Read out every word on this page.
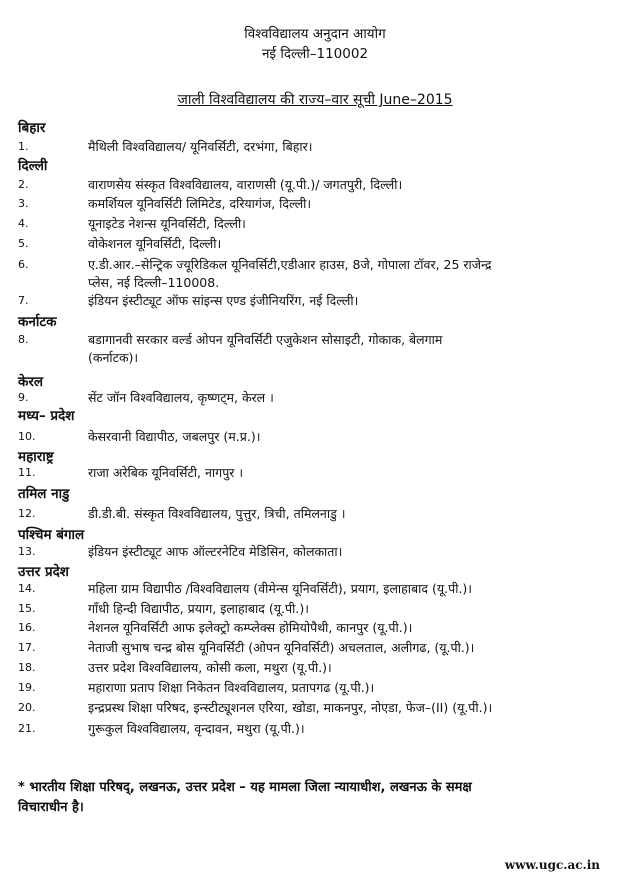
विश्वविद्यालय अनुदान आयोग
नई दिल्ली–110002
जाली विश्वविद्यालय की राज्य–वार सूची June–2015
बिहार
1.	मैथिली विश्वविद्यालय/ यूनिवर्सिटी, दरभंगा, बिहार।
दिल्ली
2.	वाराणसेय संस्कृत विश्वविद्यालय, वाराणसी (यू.पी.)/ जगतपुरी, दिल्ली।
3.	कमर्शियल यूनिवर्सिटी लिमिटेड, दरियागंज, दिल्ली।
4.	यूनाइटेड नेशन्स यूनिवर्सिटी, दिल्ली।
5.	वोकेशनल यूनिवर्सिटी, दिल्ली।
6.	ए.डी.आर.–सेन्ट्रिक ज्यूरिडिकल यूनिवर्सिटी,एडीआर हाउस, 8जे, गोपाला टॉवर, 25 राजेन्द्र
प्लेस, नई दिल्ली–110008.
7.	इंडियन इंस्टीट्यूट ऑफ सांइन्स एण्ड इंजीनियरिंग, नई दिल्ली।
कर्नाटक
8.	बडागानवी सरकार वर्ल्ड ओपन यूनिवर्सिटी एजुकेशन सोसाइटी, गोकाक, बेलगाम
(कर्नाटक)।
केरल
9.	सेंट जॉन विश्वविद्यालय, कृष्णट्म, केरल ।
मध्य– प्रदेश
10.	केसरवानी विद्यापीठ, जबलपुर (म.प्र.)।
महाराष्ट्र
11.	राजा अरेबिक यूनिवर्सिटी, नागपुर ।
तमिल नाडु
12.	डी.डी.बी. संस्कृत विश्वविद्यालय, पुत्तुर, त्रिची, तमिलनाडु ।
पश्चिम बंगाल
13.	इंडियन इंस्टीट्यूट आफ ऑल्टरनेटिव मेडिसिन, कोलकाता।
उत्तर प्रदेश
14.	महिला ग्राम विद्यापीठ /विश्वविद्यालय (वीमेन्स यूनिवर्सिटी), प्रयाग, इलाहाबाद (यू.पी.)।
15.	गाँधी हिन्दी विद्यापीठ, प्रयाग, इलाहाबाद (यू.पी.)।
16.	नेशनल यूनिवर्सिटी आफ इलेक्ट्रो कम्प्लेक्स होमियोपैथी, कानपुर (यू.पी.)।
17.	नेताजी सुभाष चन्द्र बोस यूनिवर्सिटी (ओपन यूनिवर्सिटी) अचलताल, अलीगढ, (यू.पी.)।
18.	उत्तर प्रदेश विश्वविद्यालय, कोसी कला, मथुरा (यू.पी.)।
19.	महाराणा प्रताप शिक्षा निकेतन विश्वविद्यालय, प्रतापगढ (यू.पी.)।
20.	इन्द्रप्रस्थ शिक्षा परिषद, इन्स्टीट्यूशनल एरिया, खोडा, माकनपुर, नोएडा, फेज–(II) (यू.पी.)।
21.	गुरूकुल विश्वविद्यालय, वृन्दावन, मथुरा (यू.पी.)।
* भारतीय शिक्षा परिषद्, लखनऊ, उत्तर प्रदेश – यह मामला जिला न्यायाधीश, लखनऊ के समक्ष
विचाराधीन है।
www.ugc.ac.in
